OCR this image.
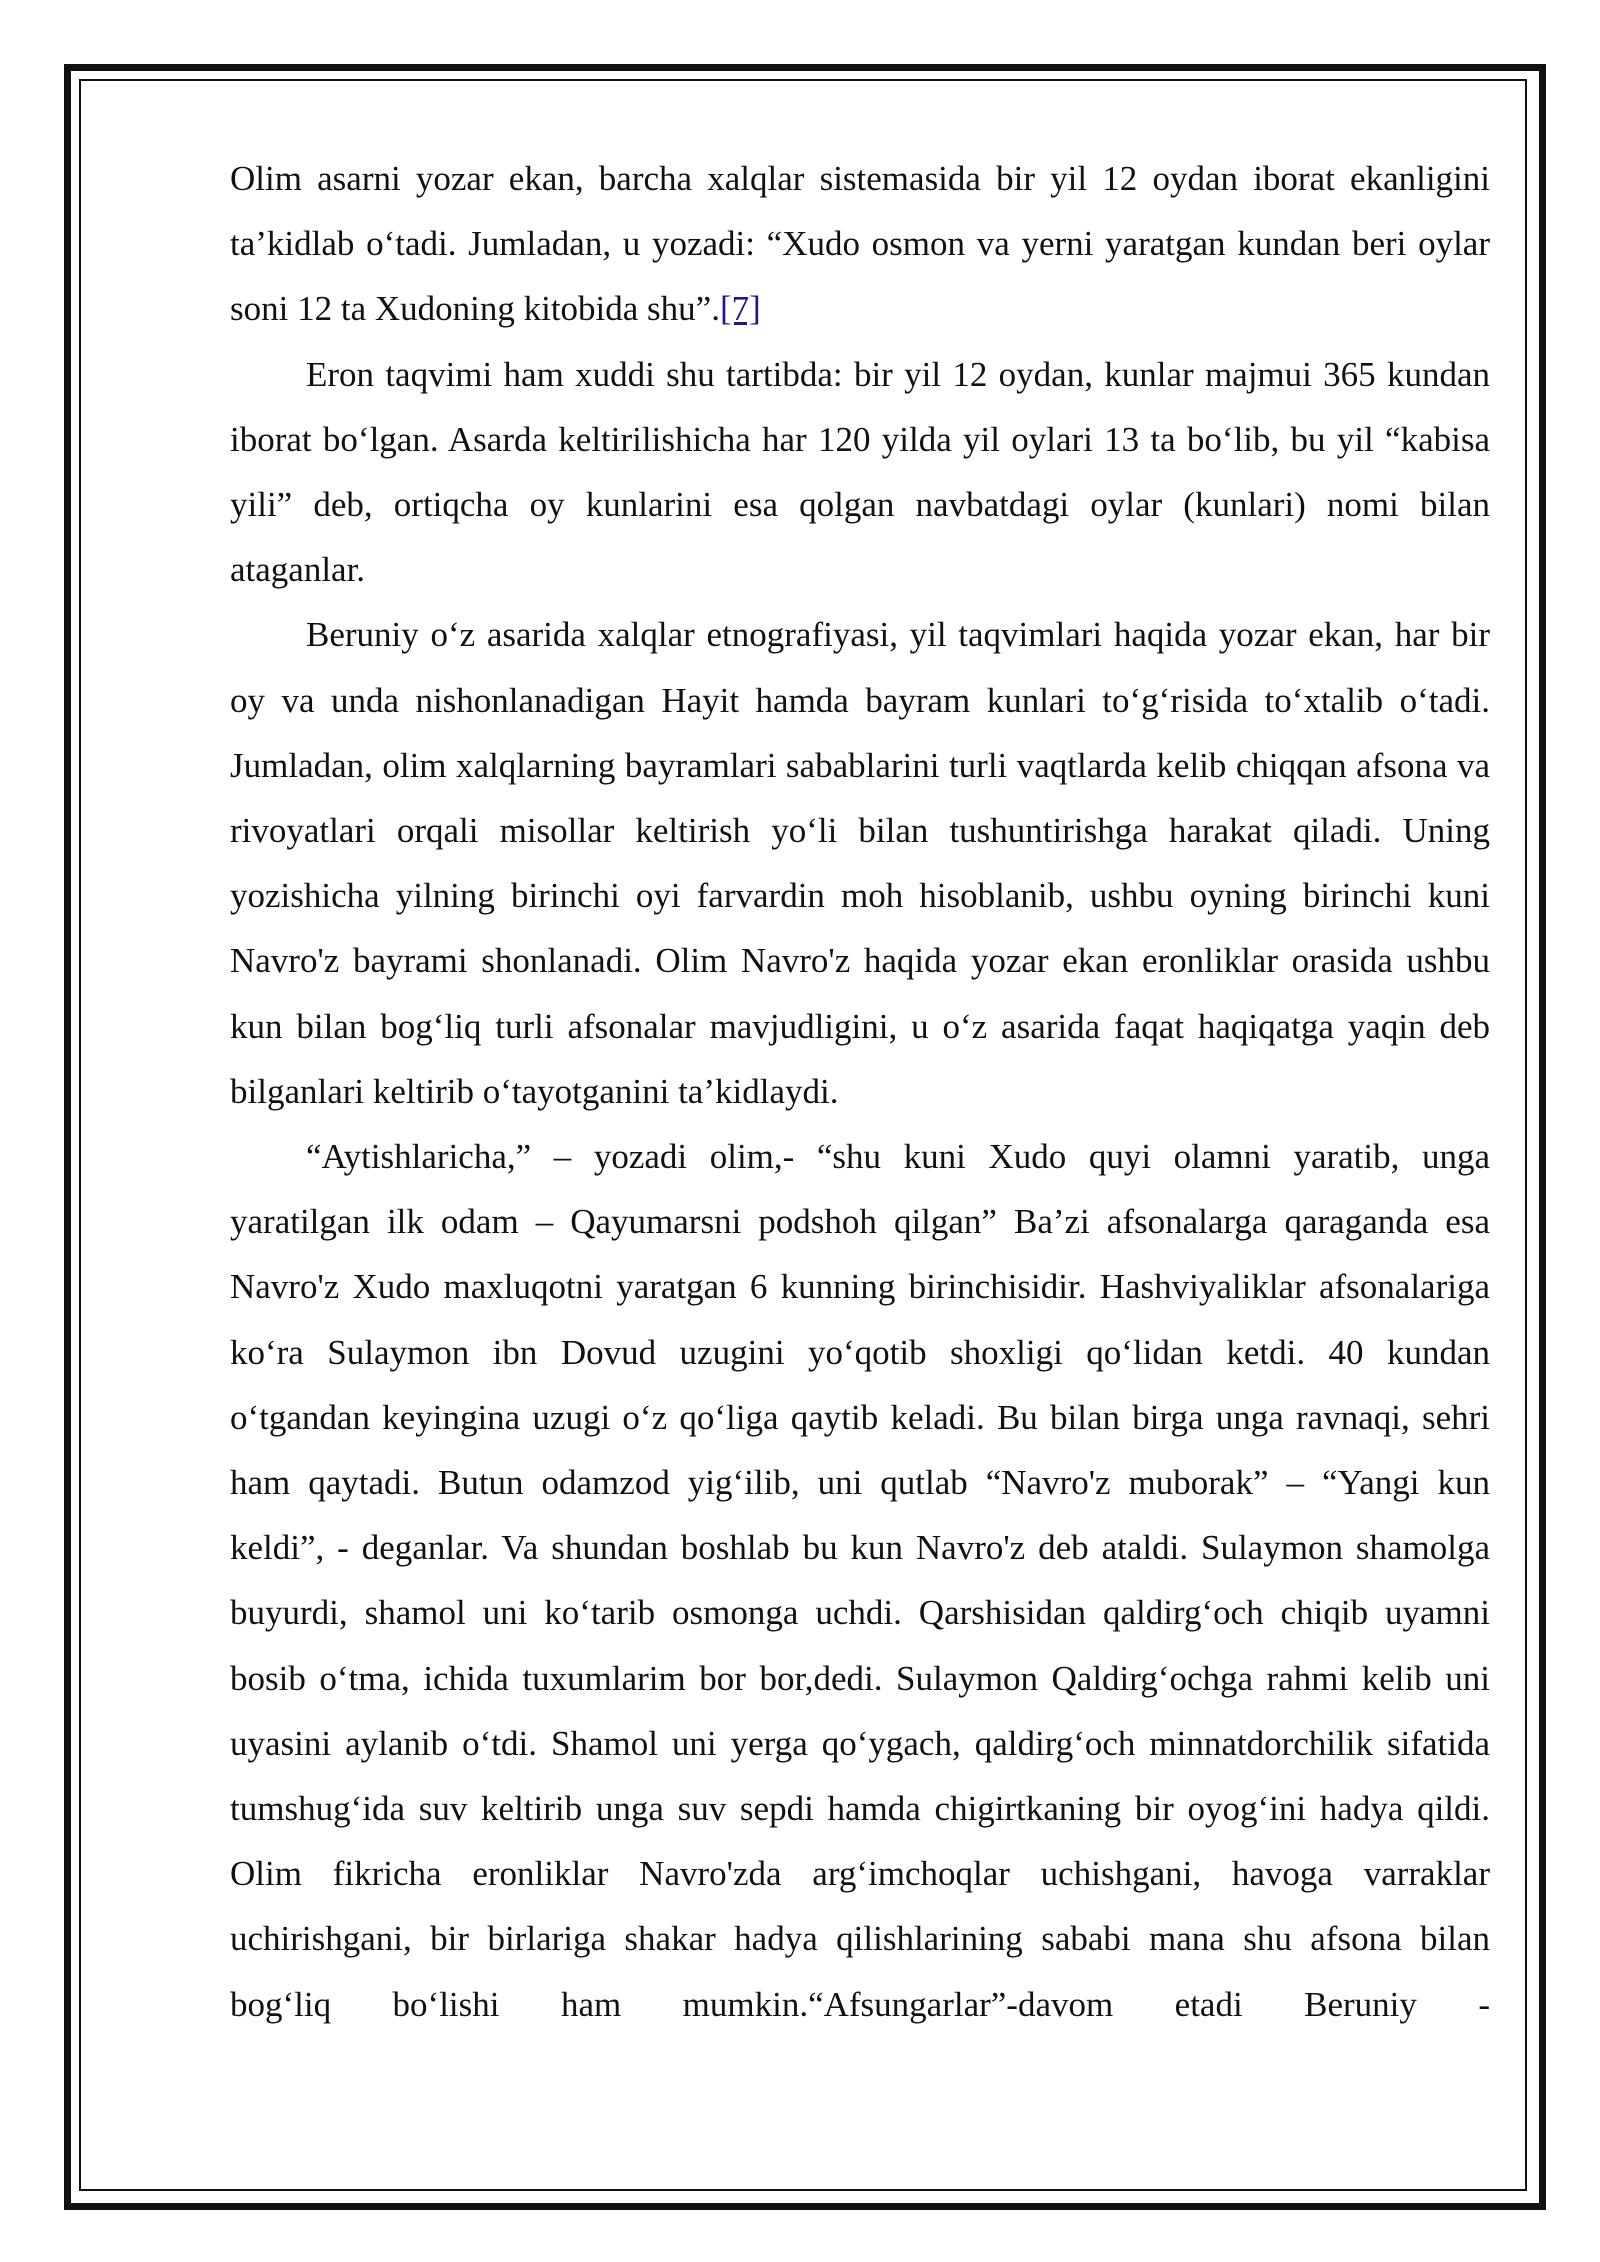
Olim asarni yozar ekan, barcha xalqlar sistemasida bir yil 12 oydan iborat ekanligini ta’kidlab o‘tadi. Jumladan, u yozadi: “Xudo osmon va yerni yaratgan kundan beri oylar soni 12 ta Xudoning kitobida shu”.[7]

Eron taqvimi ham xuddi shu tartibda: bir yil 12 oydan, kunlar majmui 365 kundan iborat bo‘lgan. Asarda keltirilishicha har 120 yilda yil oylari 13 ta bo‘lib, bu yil “kabisa yili” deb, ortiqcha oy kunlarini esa qolgan navbatdagi oylar (kunlari) nomi bilan ataganlar.

Beruniy o‘z asarida xalqlar etnografiyasi, yil taqvimlari haqida yozar ekan, har bir oy va unda nishonlanadigan Hayit hamda bayram kunlari to‘g‘risida to‘xtalib o‘tadi. Jumladan, olim xalqlarning bayramlari sabablarini turli vaqtlarda kelib chiqqan afsona va rivoyatlari orqali misollar keltirish yo‘li bilan tushuntirishga harakat qiladi. Uning yozishicha yilning birinchi oyi farvardin moh hisoblanib, ushbu oyning birinchi kuni Navro'z bayrami shonlanadi. Olim Navro'z haqida yozar ekan eronliklar orasida ushbu kun bilan bog‘liq turli afsonalar mavjudligini, u o‘z asarida faqat haqiqatga yaqin deb bilganlari keltirib o‘tayotganini ta’kidlaydi.

“Aytishlaricha,” – yozadi olim,- “shu kuni Xudo quyi olamni yaratib, unga yaratilgan ilk odam – Qayumarsni podshoh qilgan” Ba’zi afsonalarga qaraganda esa Navro'z Xudo maxluqotni yaratgan 6 kunning birinchisidir. Hashviyaliklar afsonalariga ko‘ra Sulaymon ibn Dovud uzugini yo‘qotib shoxligi qo‘lidan ketdi. 40 kundan o‘tgandan keyingina uzugi o‘z qo‘liga qaytib keladi. Bu bilan birga unga ravnaqi, sehri ham qaytadi. Butun odamzod yig‘ilib, uni qutlab “Navro'z muborak” – “Yangi kun keldi”, - deganlar. Va shundan boshlab bu kun Navro'z deb ataldi. Sulaymon shamolga buyurdi, shamol uni ko‘tarib osmonga uchdi. Qarshisidan qaldirg‘och chiqib uyamni bosib o‘tma, ichida tuxumlarim bor bor,dedi. Sulaymon Qaldirg‘ochga rahmi kelib uni uyasini aylanib o‘tdi. Shamol uni yerga qo‘ygach, qaldirg‘och minnatdorchilik sifatida tumshug‘ida suv keltirib unga suv sepdi hamda chigirtkaning bir oyog‘ini hadya qildi. Olim fikricha eronliklar Navro'zda arg‘imchoqlar uchishgani, havoga varraklar uchirishgani, bir birlariga shakar hadya qilishlarining sababi mana shu afsona bilan bog‘liq bo‘lishi ham mumkin.“Afsungarlar”-davom etadi Beruniy -
